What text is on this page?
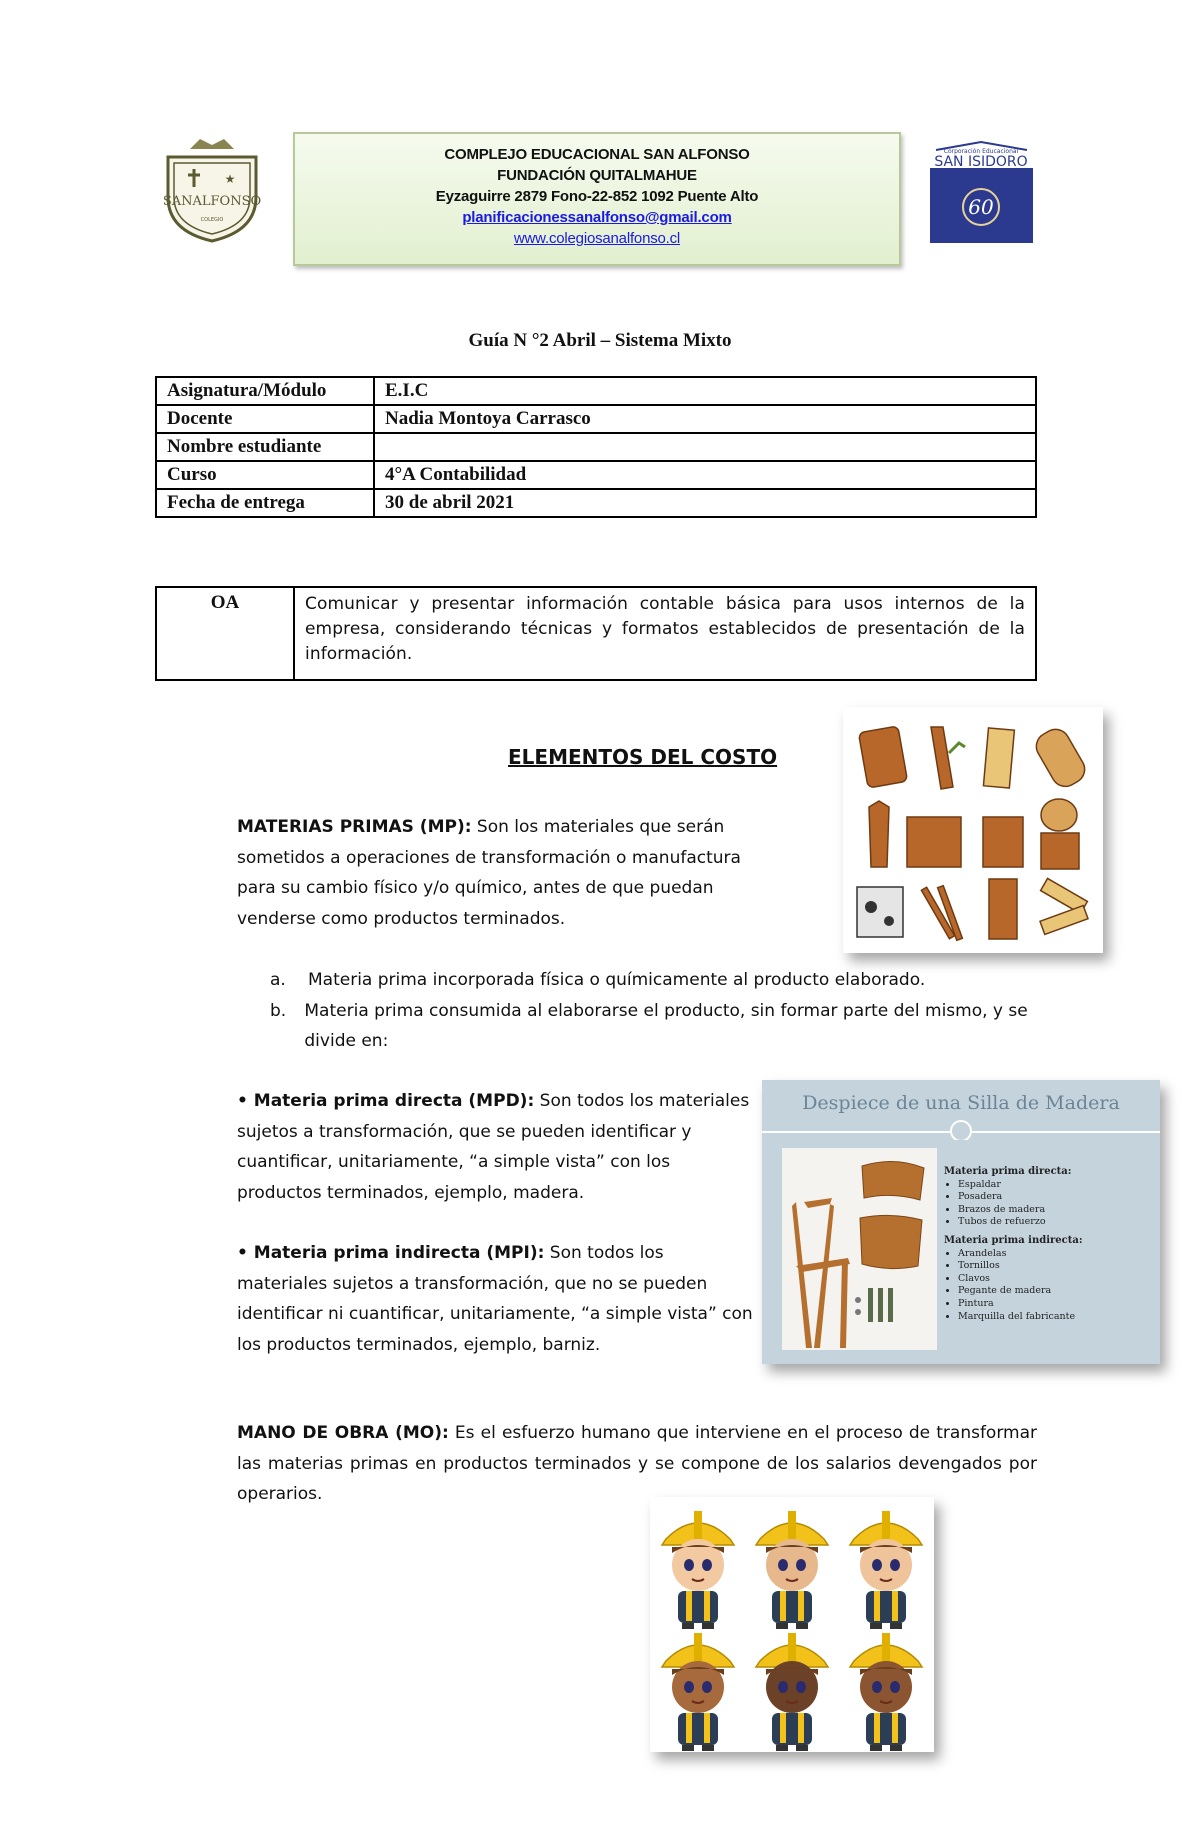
★
SANALFONSO
COLEGIO
COMPLEJO EDUCACIONAL SAN ALFONSO
FUNDACIÓN QUITALMAHUE
Eyzaguirre 2879 Fono-22-852 1092 Puente Alto
planificacionessanalfonso@gmail.com
www.colegiosanalfonso.cl
Corporación Educacional
SAN ISIDORO
60
Guía N °2 Abril – Sistema Mixto
Asignatura/Módulo	E.I.C
Docente	Nadia Montoya Carrasco
Nombre estudiante	
Curso	4°A Contabilidad
Fecha de entrega	30 de abril 2021
OA	Comunicar y presentar información contable básica para usos internos de la empresa, considerando técnicas y formatos establecidos de presentación de la información.
ELEMENTOS DEL COSTO
MATERIAS PRIMAS (MP): Son los materiales que serán sometidos a operaciones de transformación o manufactura para su cambio físico y/o químico, antes de que puedan venderse como productos terminados.
a.	Materia prima incorporada física o químicamente al producto elaborado.
b.	Materia prima consumida al elaborarse el producto, sin formar parte del mismo, y se divide en:
• Materia prima directa (MPD): Son todos los materiales sujetos a transformación, que se pueden identificar y cuantificar, unitariamente, “a simple vista” con los productos terminados, ejemplo, madera.
• Materia prima indirecta (MPI): Son todos los materiales sujetos a transformación, que no se pueden identificar ni cuantificar, unitariamente, “a simple vista” con los productos terminados, ejemplo, barniz.
Despiece de una Silla de Madera
Materia prima directa:
• Espaldar
• Posadera
• Brazos de madera
• Tubos de refuerzo
Materia prima indirecta:
• Arandelas
• Tornillos
• Clavos
• Pegante de madera
• Pintura
• Marquilla del fabricante
MANO DE OBRA (MO): Es el esfuerzo humano que interviene en el proceso de transformar las materias primas en productos terminados y se compone de los salarios devengados por operarios.
